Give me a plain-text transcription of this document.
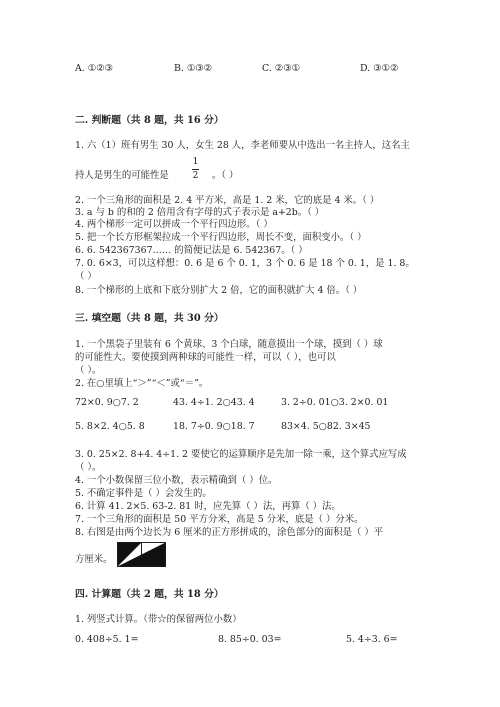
A. ①②③	B. ①③②	C. ②③①	D. ③①②
二. 判断题（共 8 题，共 16 分）
1. 六（1）班有男生 30 人，女生 28 人，李老师要从中选出一名主持人，这名主
持人是男生的可能性是
1
2 。（ ）
2. 一个三角形的面积是 2. 4 平方米，高是 1. 2 米，它的底是 4 米。（ ）
3. a 与 b 的和的 2 倍用含有字母的式子表示是 a+2b。（ ）
4. 两个梯形一定可以拼成一个平行四边形。（ ）
5. 把一个长方形框架拉成一个平行四边形，周长不变，面积变小。（ ）
6. 6. 542367367…… 的简便记法是 6. 542367。（ ）
7. 0. 6×3，可以这样想：0. 6 是 6 个 0. 1，3 个 0. 6 是 18 个 0. 1，是 1. 8。
（ ）
8. 一个梯形的上底和下底分别扩大 2 倍，它的面积就扩大 4 倍。（ ）
三. 填空题（共 8 题，共 30 分）
1. 一个黑袋子里装有 6 个黄球、3 个白球，随意摸出一个球，摸到（ ）球
的可能性大。要使摸到两种球的可能性一样，可以（ ），也可以
（ ）。
2. 在○里填上“＞”“＜”或“＝”。
72×0. 9○7. 2	43. 4÷1. 2○43. 4	3. 2÷0. 01○3. 2×0. 01
5. 8×2. 4○5. 8	18. 7÷0. 9○18. 7	83×4. 5○82. 3×45
3. 0. 25×2. 8+4. 4÷1. 2 要使它的运算顺序是先加一除一乘，这个算式应写成
（ ）。
4. 一个小数保留三位小数，表示精确到（ ）位。
5. 不确定事件是（ ）会发生的。
6. 计算 41. 2×5. 63-2. 81 时，应先算（ ）法，再算（ ）法。
7. 一个三角形的面积是 50 平方分米，高是 5 分米，底是（ ）分米。
8. 右图是由两个边长为 6 厘米的正方形拼成的，涂色部分的面积是（ ）平
方厘米。
四. 计算题（共 2 题，共 18 分）
1. 列竖式计算。（带☆的保留两位小数）
0. 408÷5. 1=	8. 85÷0. 03=	5. 4÷3. 6=
